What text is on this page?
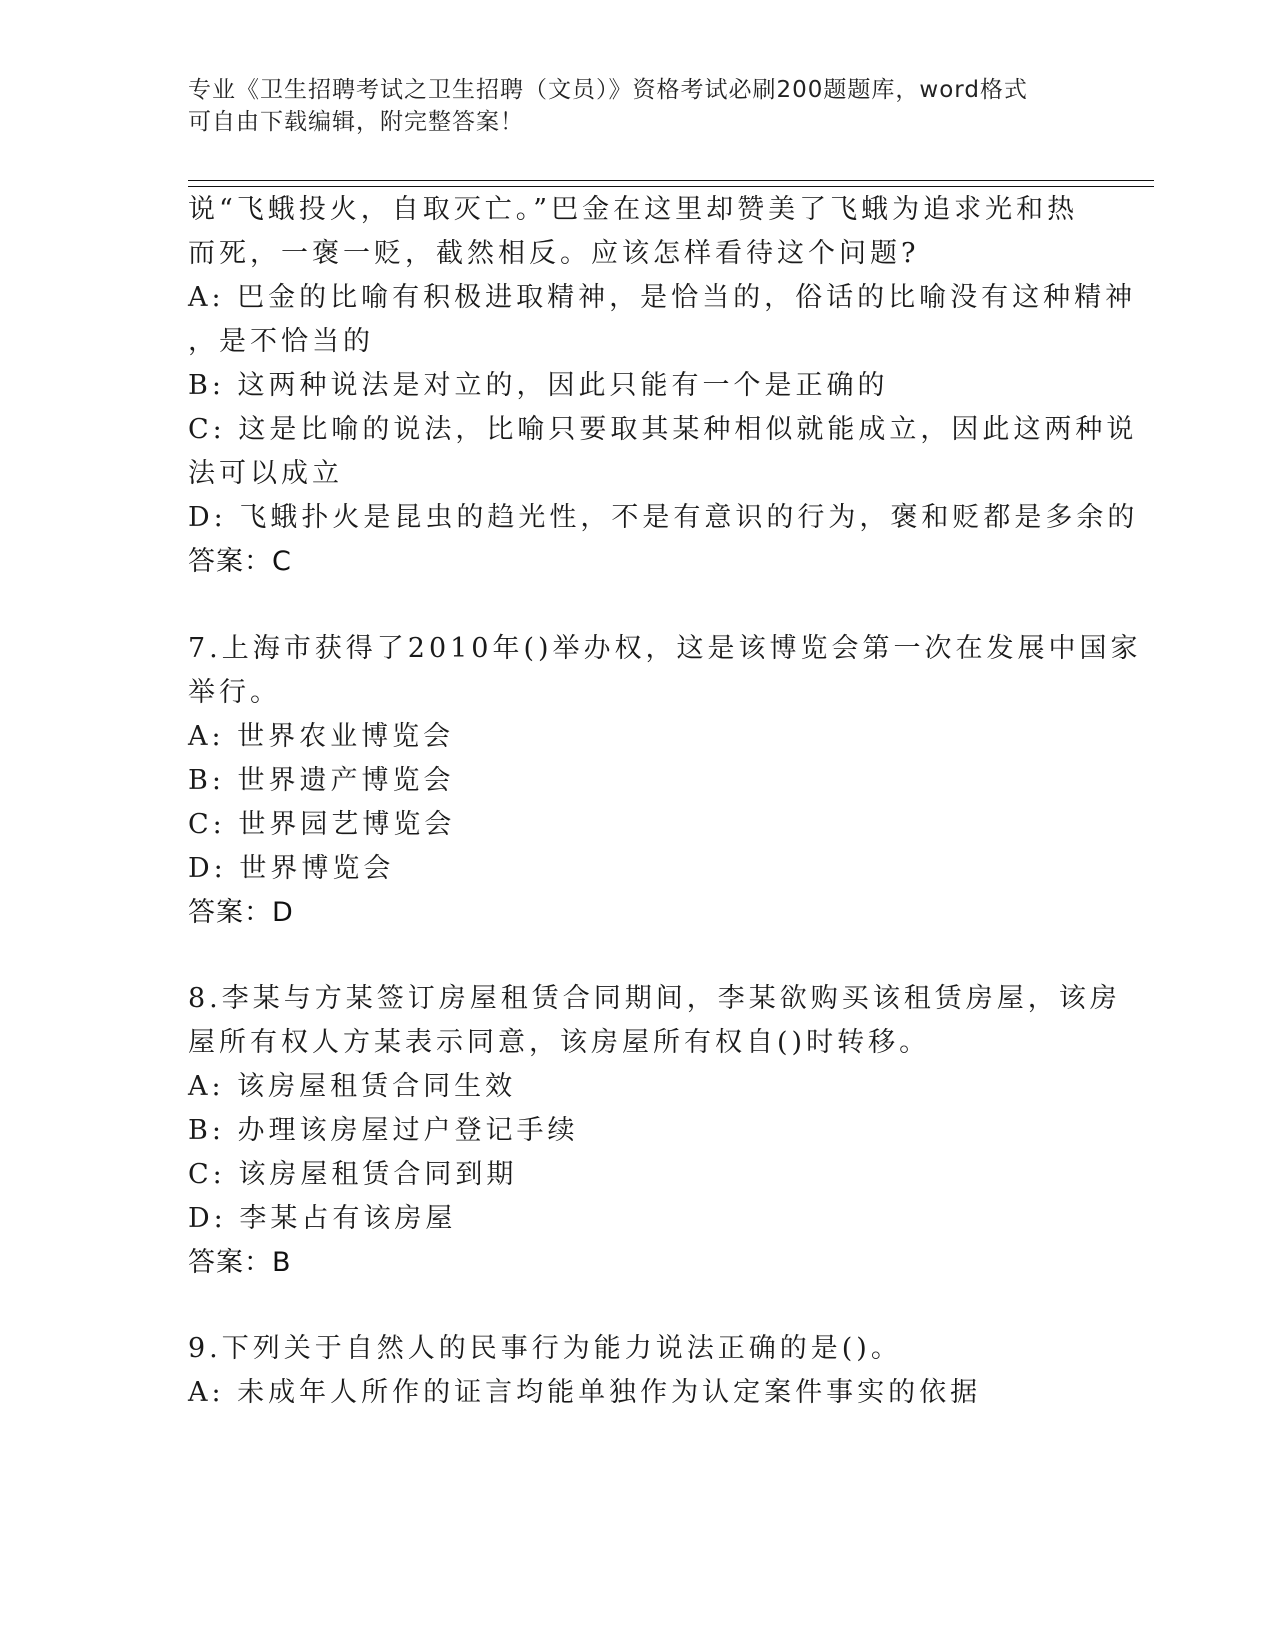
专业《卫生招聘考试之卫生招聘（文员）》资格考试必刷200题题库，word格式
可自由下载编辑，附完整答案！
说“飞蛾投火，自取灭亡。”巴金在这里却赞美了飞蛾为追求光和热
而死，一褒一贬，截然相反。应该怎样看待这个问题?
A: 巴金的比喻有积极进取精神，是恰当的，俗话的比喻没有这种精神
，是不恰当的
B: 这两种说法是对立的，因此只能有一个是正确的
C: 这是比喻的说法，比喻只要取其某种相似就能成立，因此这两种说
法可以成立
D: 飞蛾扑火是昆虫的趋光性，不是有意识的行为，褒和贬都是多余的
答案：C
7.上海市获得了2010年()举办权，这是该博览会第一次在发展中国家
举行。
A: 世界农业博览会
B: 世界遗产博览会
C: 世界园艺博览会
D: 世界博览会
答案：D
8.李某与方某签订房屋租赁合同期间，李某欲购买该租赁房屋，该房
屋所有权人方某表示同意，该房屋所有权自()时转移。
A: 该房屋租赁合同生效
B: 办理该房屋过户登记手续
C: 该房屋租赁合同到期
D: 李某占有该房屋
答案：B
9.下列关于自然人的民事行为能力说法正确的是()。
A: 未成年人所作的证言均能单独作为认定案件事实的依据
